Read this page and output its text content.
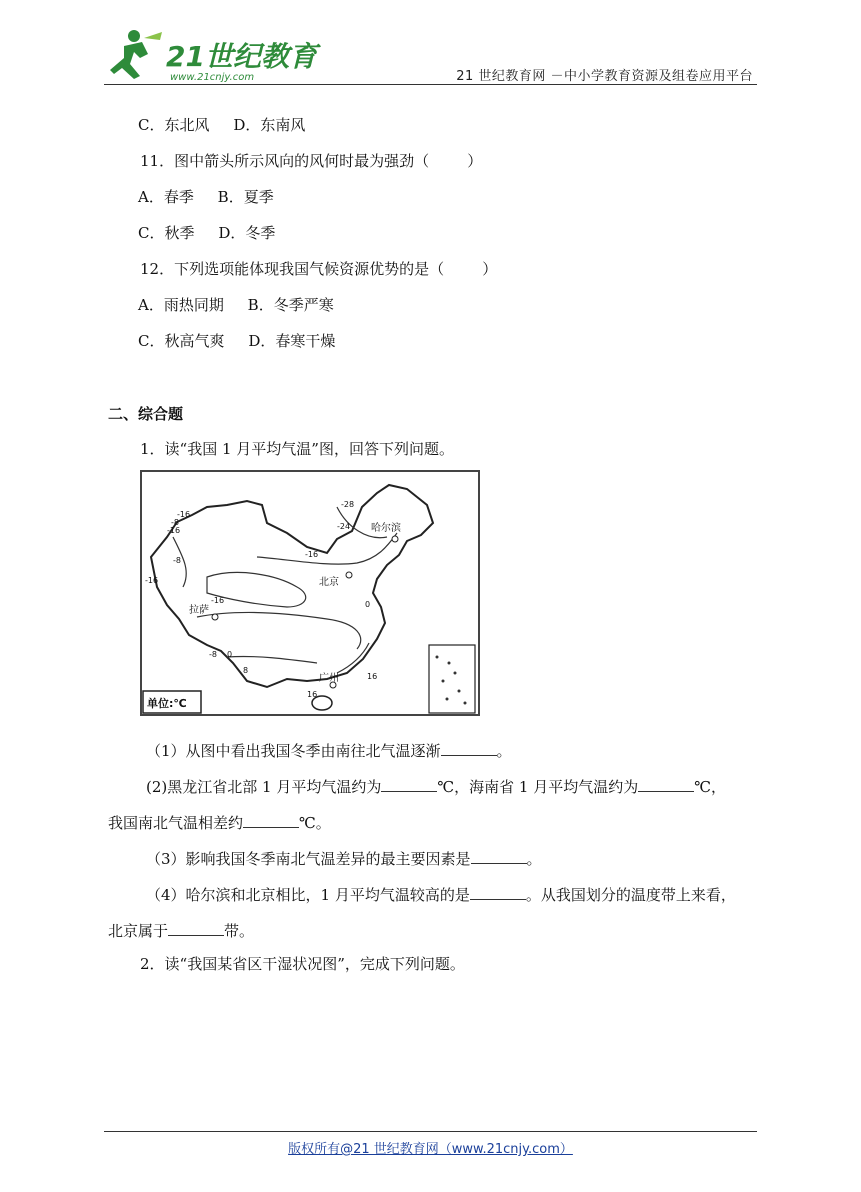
21世纪教育
www.21cnjy.com	21 世纪教育网 －中小学教育资源及组卷应用平台
C．东北风     D．东南风
11．图中箭头所示风向的风何时最为强劲（        ）
A．春季     B．夏季
C．秋季     D．冬季
12．下列选项能体现我国气候资源优势的是（        ）
A．雨热同期     B．冬季严寒
C．秋高气爽     D．春寒干燥
二、综合题
1．读“我国 1 月平均气温”图，回答下列问题。
哈尔滨
北京
拉萨
广州
-28
-24
-16
-16
-8
-16
-8
-16
-16
-8 0
0
8
16
16
单位:℃
（1）从图中看出我国冬季由南往北气温逐渐	。
(2)黑龙江省北部 1 月平均气温约为	℃，海南省 1 月平均气温约为	℃，
我国南北气温相差约	℃。
（3）影响我国冬季南北气温差异的最主要因素是	。
（4）哈尔滨和北京相比，1 月平均气温较高的是	。从我国划分的温度带上来看，
北京属于	带。
2．读“我国某省区干湿状况图”，完成下列问题。
版权所有@21 世纪教育网（www.21cnjy.com）
